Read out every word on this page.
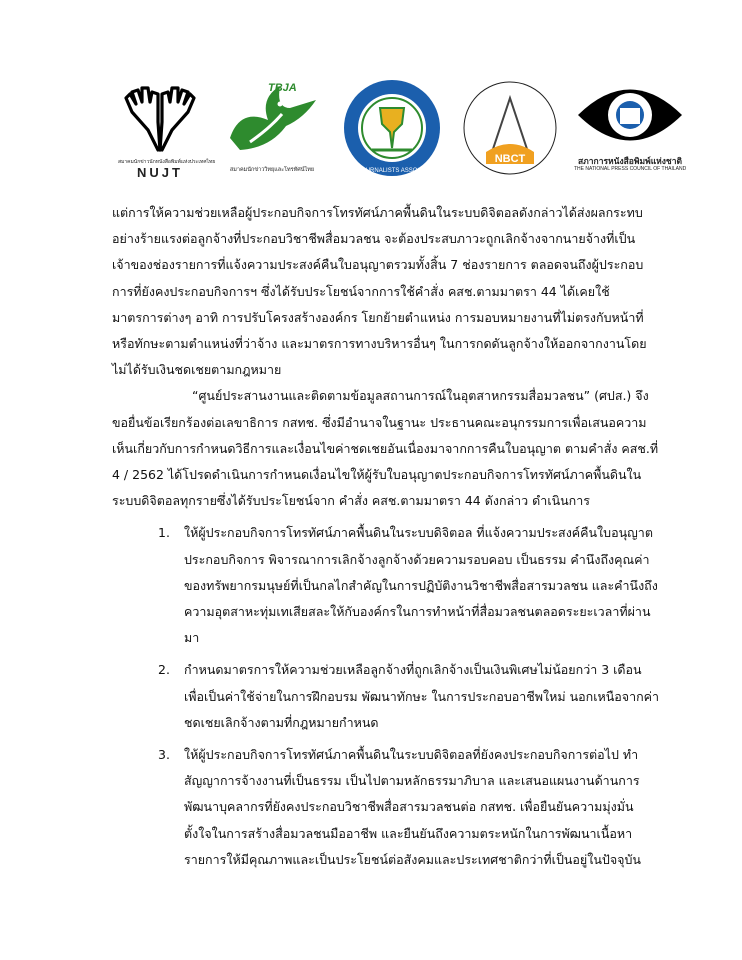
สมาคมนักข่าวนักหนังสือพิมพ์แห่งประเทศไทย
NUJT
TBJA
สมาคมนักข่าววิทยุและโทรทัศน์ไทย	THAI JOURNALISTS ASSOCIATION
NBCT	สภาการหนังสือพิมพ์แห่งชาติ
THE NATIONAL PRESS COUNCIL OF THAILAND

แต่การให้ความช่วยเหลือผู้ประกอบกิจการโทรทัศน์ภาคพื้นดินในระบบดิจิตอลดังกล่าวได้ส่งผลกระทบอย่างร้ายแรงต่อลูกจ้างที่ประกอบวิชาชีพสื่อมวลชน จะต้องประสบภาวะถูกเลิกจ้างจากนายจ้างที่เป็นเจ้าของช่องรายการที่แจ้งความประสงค์คืนใบอนุญาตรวมทั้งสิ้น 7 ช่องรายการ ตลอดจนถึงผู้ประกอบการที่ยังคงประกอบกิจการฯ ซึ่งได้รับประโยชน์จากการใช้คำสั่ง คสช.ตามมาตรา 44 ได้เคยใช้มาตรการต่างๆ อาทิ การปรับโครงสร้างองค์กร โยกย้ายตำแหน่ง การมอบหมายงานที่ไม่ตรงกับหน้าที่หรือทักษะตามตำแหน่งที่ว่าจ้าง และมาตรการทางบริหารอื่นๆ ในการกดดันลูกจ้างให้ออกจากงานโดยไม่ได้รับเงินชดเชยตามกฎหมาย

“ศูนย์ประสานงานและติดตามข้อมูลสถานการณ์ในอุตสาหกรรมสื่อมวลชน” (ศปส.) จึงขอยื่นข้อเรียกร้องต่อเลขาธิการ กสทช. ซึ่งมีอำนาจในฐานะ ประธานคณะอนุกรรมการเพื่อเสนอความเห็นเกี่ยวกับการกำหนดวิธีการและเงื่อนไขค่าชดเชยอันเนื่องมาจากการคืนใบอนุญาต ตามคำสั่ง คสช.ที่ 4 / 2562 ได้โปรดดำเนินการกำหนดเงื่อนไขให้ผู้รับใบอนุญาตประกอบกิจการโทรทัศน์ภาคพื้นดินในระบบดิจิตอลทุกรายซึ่งได้รับประโยชน์จาก คำสั่ง คสช.ตามมาตรา 44 ดังกล่าว ดำเนินการ

1. ให้ผู้ประกอบกิจการโทรทัศน์ภาคพื้นดินในระบบดิจิตอล ที่แจ้งความประสงค์คืนใบอนุญาตประกอบกิจการ พิจารณาการเลิกจ้างลูกจ้างด้วยความรอบคอบ เป็นธรรม คำนึงถึงคุณค่าของทรัพยากรมนุษย์ที่เป็นกลไกสำคัญในการปฏิบัติงานวิชาชีพสื่อสารมวลชน และคำนึงถึงความอุตสาหะทุ่มเทเสียสละให้กับองค์กรในการทำหน้าที่สื่อมวลชนตลอดระยะเวลาที่ผ่านมา
2. กำหนดมาตรการให้ความช่วยเหลือลูกจ้างที่ถูกเลิกจ้างเป็นเงินพิเศษไม่น้อยกว่า 3 เดือน เพื่อเป็นค่าใช้จ่ายในการฝึกอบรม พัฒนาทักษะ ในการประกอบอาชีพใหม่ นอกเหนือจากค่าชดเชยเลิกจ้างตามที่กฎหมายกำหนด
3. ให้ผู้ประกอบกิจการโทรทัศน์ภาคพื้นดินในระบบดิจิตอลที่ยังคงประกอบกิจการต่อไป ทำสัญญาการจ้างงานที่เป็นธรรม เป็นไปตามหลักธรรมาภิบาล และเสนอแผนงานด้านการพัฒนาบุคลากรที่ยังคงประกอบวิชาชีพสื่อสารมวลชนต่อ กสทช. เพื่อยืนยันความมุ่งมั่นตั้งใจในการสร้างสื่อมวลชนมืออาชีพ และยืนยันถึงความตระหนักในการพัฒนาเนื้อหารายการให้มีคุณภาพและเป็นประโยชน์ต่อสังคมและประเทศชาติกว่าที่เป็นอยู่ในปัจจุบัน
